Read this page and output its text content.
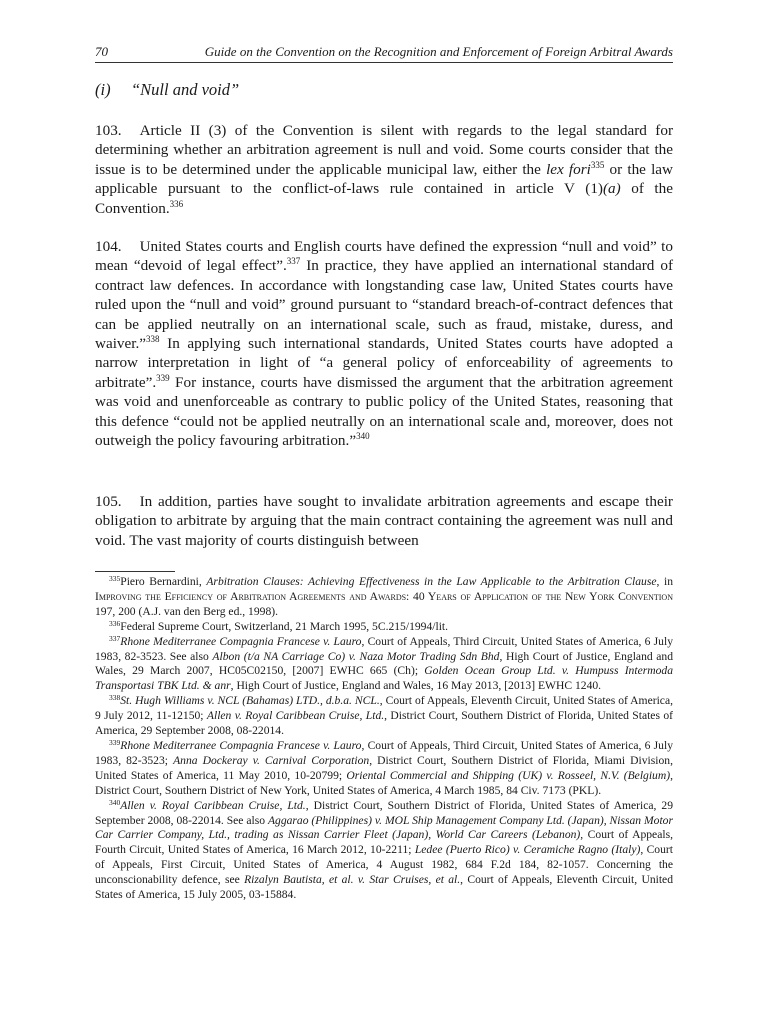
70	Guide on the Convention on the Recognition and Enforcement of Foreign Arbitral Awards
(i) “Null and void”
103. Article II (3) of the Convention is silent with regards to the legal standard for determining whether an arbitration agreement is null and void. Some courts consider that the issue is to be determined under the applicable municipal law, either the lex fori$^{335}$ or the law applicable pursuant to the conflict-of-laws rule contained in article V (1)(a) of the Convention.$^{336}$
104. United States courts and English courts have defined the expression “null and void” to mean “devoid of legal effect”.$^{337}$ In practice, they have applied an international standard of contract law defences. In accordance with longstanding case law, United States courts have ruled upon the “null and void” ground pursuant to “standard breach-of-contract defences that can be applied neutrally on an international scale, such as fraud, mistake, duress, and waiver.”$^{338}$ In applying such international standards, United States courts have adopted a narrow interpretation in light of “a general policy of enforceability of agreements to arbitrate”.$^{339}$ For instance, courts have dismissed the argument that the arbitration agreement was void and unenforceable as contrary to public policy of the United States, reasoning that this defence “could not be applied neutrally on an international scale and, moreover, does not outweigh the policy favouring arbitration.”$^{340}$
105. In addition, parties have sought to invalidate arbitration agreements and escape their obligation to arbitrate by arguing that the main contract containing the agreement was null and void. The vast majority of courts distinguish between

$^{335}$Piero Bernardini, Arbitration Clauses: Achieving Effectiveness in the Law Applicable to the Arbitration Clause, in Improving the Efficiency of Arbitration Agreements and Awards: 40 Years of Application of the New York Convention 197, 200 (A.J. van den Berg ed., 1998).

$^{336}$Federal Supreme Court, Switzerland, 21 March 1995, 5C.215/1994/lit.

$^{337}$Rhone Mediterranee Compagnia Francese v. Lauro, Court of Appeals, Third Circuit, United States of America, 6 July 1983, 82-3523. See also Albon (t/a NA Carriage Co) v. Naza Motor Trading Sdn Bhd, High Court of Justice, England and Wales, 29 March 2007, HC05C02150, [2007] EWHC 665 (Ch); Golden Ocean Group Ltd. v. Humpuss Intermoda Transportasi TBK Ltd. & anr, High Court of Justice, England and Wales, 16 May 2013, [2013] EWHC 1240.

$^{338}$St. Hugh Williams v. NCL (Bahamas) LTD., d.b.a. NCL., Court of Appeals, Eleventh Circuit, United States of America, 9 July 2012, 11-12150; Allen v. Royal Caribbean Cruise, Ltd., District Court, Southern District of Florida, United States of America, 29 September 2008, 08-22014.

$^{339}$Rhone Mediterranee Compagnia Francese v. Lauro, Court of Appeals, Third Circuit, United States of America, 6 July 1983, 82-3523; Anna Dockeray v. Carnival Corporation, District Court, Southern District of Florida, Miami Division, United States of America, 11 May 2010, 10-20799; Oriental Commercial and Shipping (UK) v. Rosseel, N.V. (Belgium), District Court, Southern District of New York, United States of America, 4 March 1985, 84 Civ. 7173 (PKL).

$^{340}$Allen v. Royal Caribbean Cruise, Ltd., District Court, Southern District of Florida, United States of America, 29 September 2008, 08-22014. See also Aggarao (Philippines) v. MOL Ship Management Company Ltd. (Japan), Nissan Motor Car Carrier Company, Ltd., trading as Nissan Carrier Fleet (Japan), World Car Careers (Lebanon), Court of Appeals, Fourth Circuit, United States of America, 16 March 2012, 10-2211; Ledee (Puerto Rico) v. Ceramiche Ragno (Italy), Court of Appeals, First Circuit, United States of America, 4 August 1982, 684 F.2d 184, 82-1057. Concerning the unconscionability defence, see Rizalyn Bautista, et al. v. Star Cruises, et al., Court of Appeals, Eleventh Circuit, United States of America, 15 July 2005, 03-15884.
